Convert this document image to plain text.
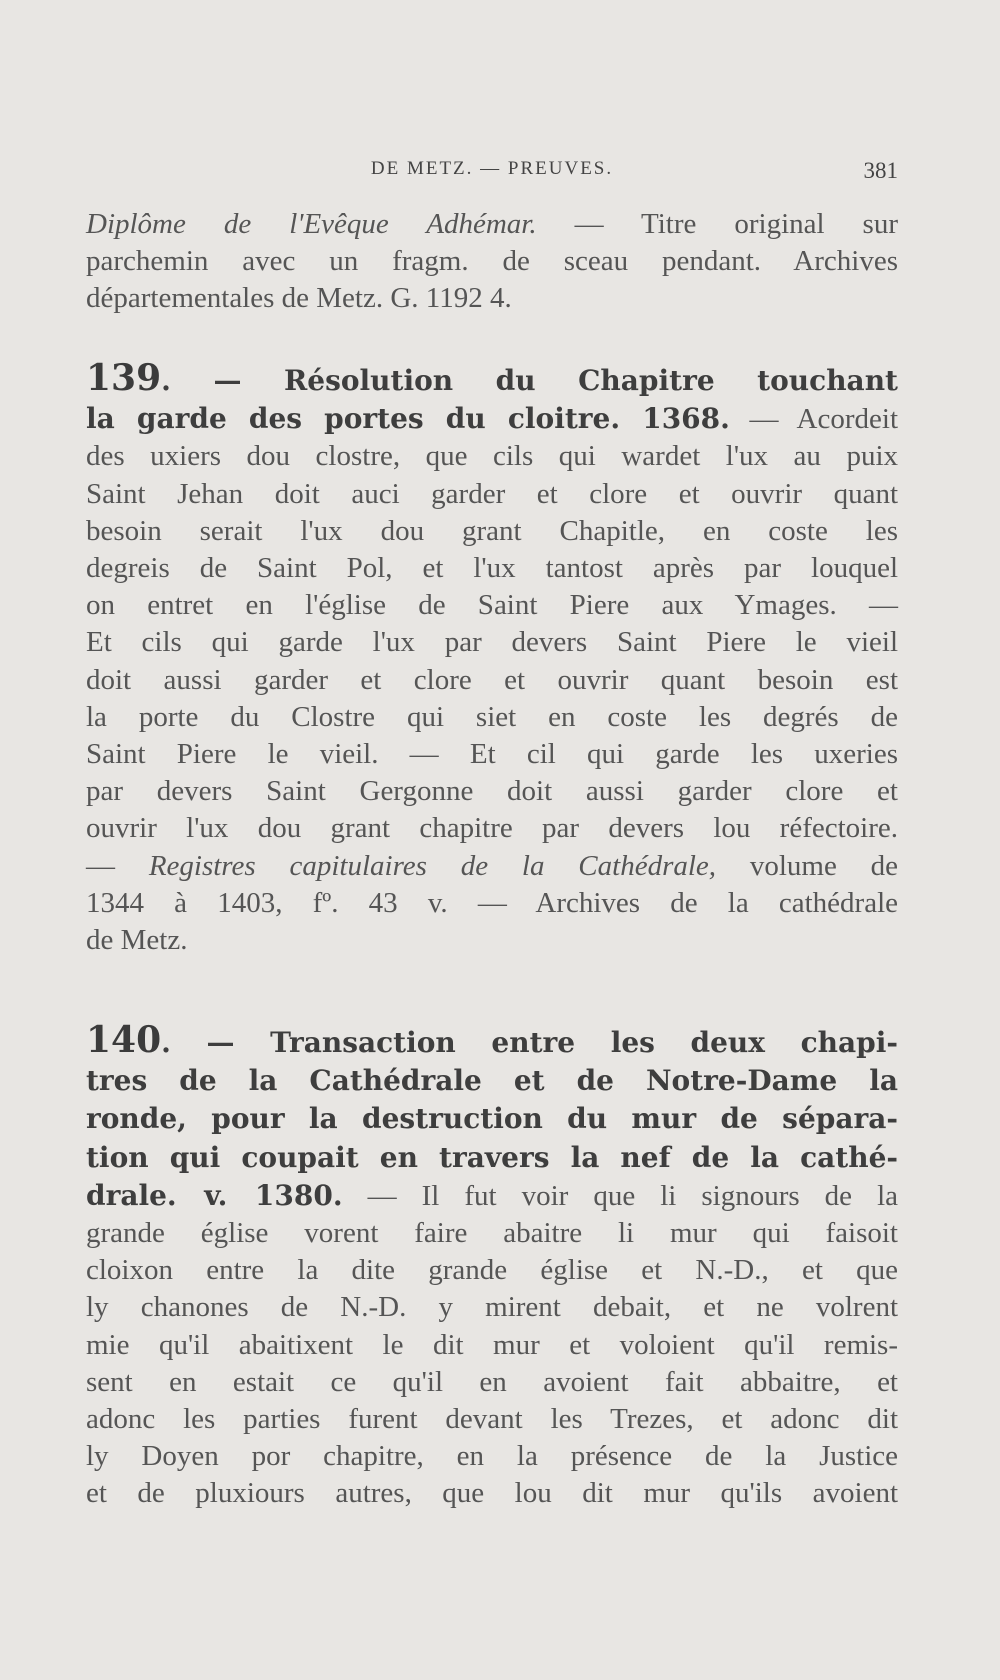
DE METZ. — PREUVES.	381
Diplôme de l'Evêque Adhémar. — Titre original sur
parchemin avec un fragm. de sceau pendant. Archives
départementales de Metz. G. 1192 4.
139. — Résolution du Chapitre touchant
la garde des portes du cloitre. 1368. — Acordeit
des uxiers dou clostre, que cils qui wardet l'ux au puix
Saint Jehan doit auci garder et clore et ouvrir quant
besoin serait l'ux dou grant Chapitle, en coste les
degreis de Saint Pol, et l'ux tantost après par louquel
on entret en l'église de Saint Piere aux Ymages. —
Et cils qui garde l'ux par devers Saint Piere le vieil
doit aussi garder et clore et ouvrir quant besoin est
la porte du Clostre qui siet en coste les degrés de
Saint Piere le vieil. — Et cil qui garde les uxeries
par devers Saint Gergonne doit aussi garder clore et
ouvrir l'ux dou grant chapitre par devers lou réfectoire.
— Registres capitulaires de la Cathédrale, volume de
1344 à 1403, fº. 43 v. — Archives de la cathédrale
de Metz.
140. — Transaction entre les deux chapi-
tres de la Cathédrale et de Notre-Dame la
ronde, pour la destruction du mur de sépara-
tion qui coupait en travers la nef de la cathé-
drale. v. 1380. — Il fut voir que li signours de la
grande église vorent faire abaitre li mur qui faisoit
cloixon entre la dite grande église et N.-D., et que
ly chanones de N.-D. y mirent debait, et ne volrent
mie qu'il abaitixent le dit mur et voloient qu'il remis-
sent en estait ce qu'il en avoient fait abbaitre, et
adonc les parties furent devant les Trezes, et adonc dit
ly Doyen por chapitre, en la présence de la Justice
et de pluxiours autres, que lou dit mur qu'ils avoient
